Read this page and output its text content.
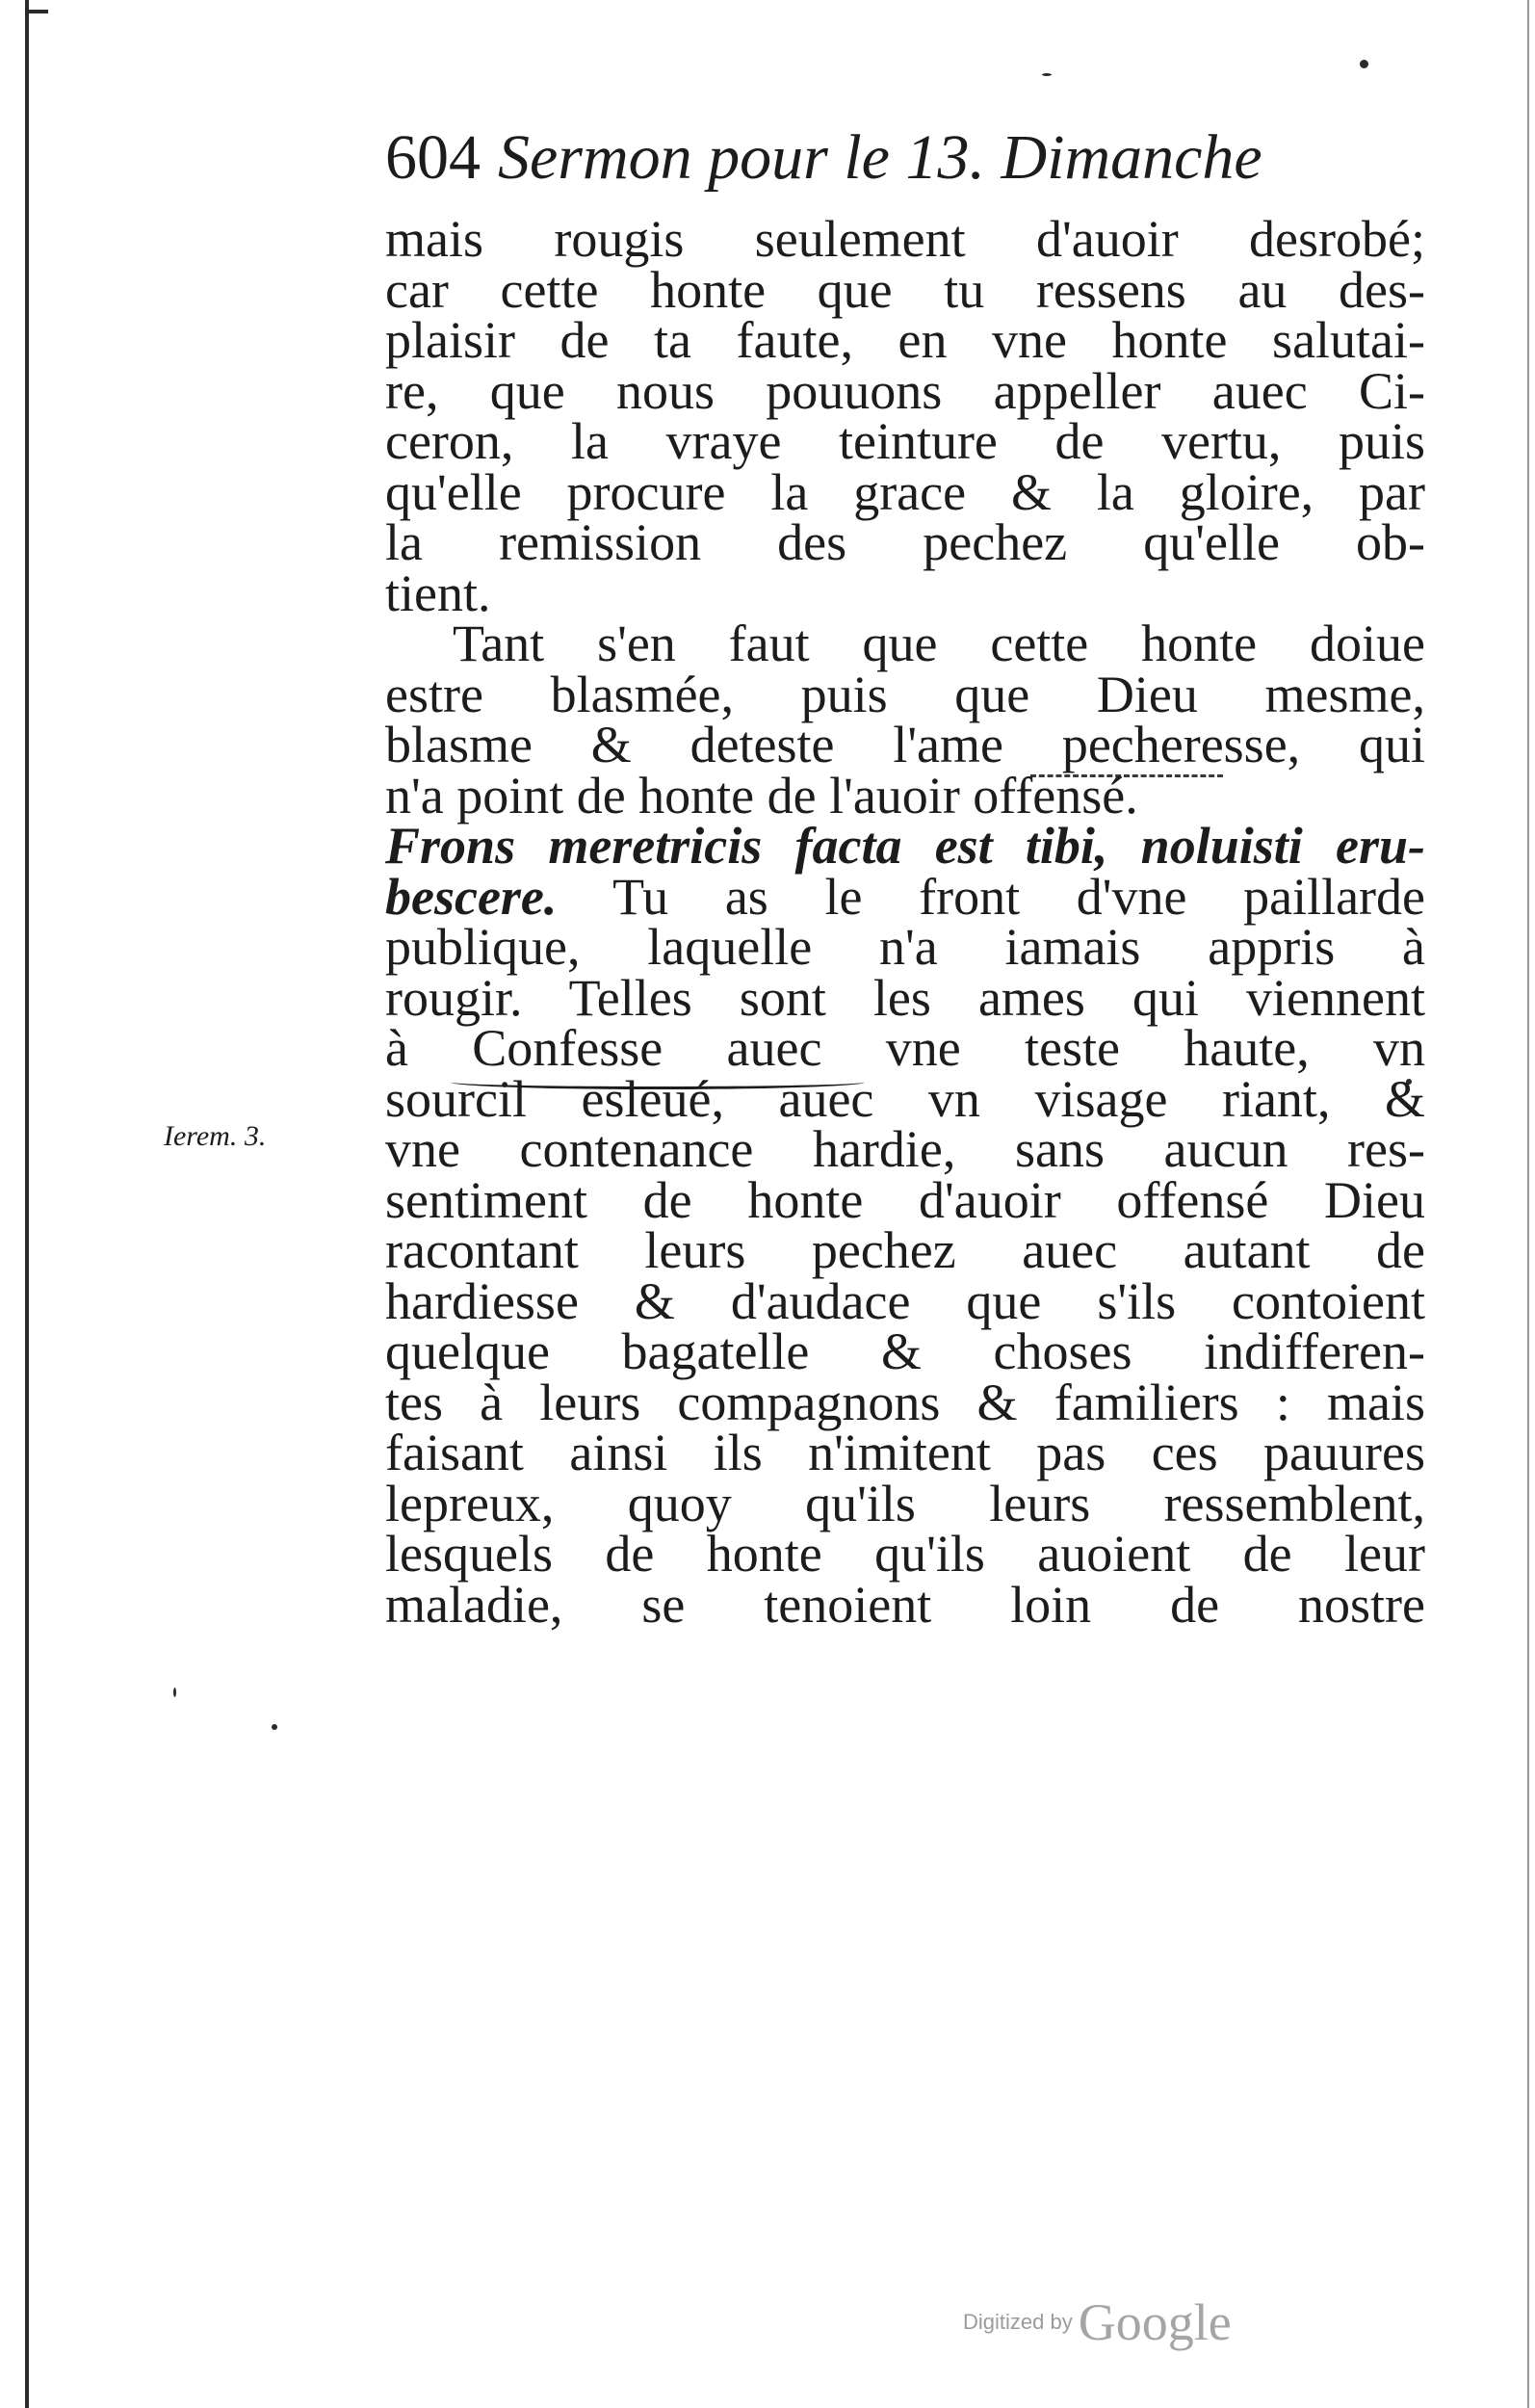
604 Sermon pour le 13. Dimanche
Ierem. 3.
mais rougis seulement d'auoir desrobé;
car cette honte que tu ressens au des-
plaisir de ta faute, en vne honte salutai-
re, que nous pouuons appeller auec Ci-
ceron, la vraye teinture de vertu, puis
qu'elle procure la grace & la gloire, par
la remission des pechez qu'elle ob-
tient.
Tant s'en faut que cette honte doiue
estre blasmée, puis que Dieu mesme,
blasme & deteste l'ame pecheresse, qui
n'a point de honte de l'auoir offensé.
Frons meretricis facta est tibi, noluisti eru-
bescere. Tu as le front d'vne paillarde
publique, laquelle n'a iamais appris à
rougir. Telles sont les ames qui viennent
à Confesse auec vne teste haute, vn
sourcil esleué, auec vn visage riant, &
vne contenance hardie, sans aucun res-
sentiment de honte d'auoir offensé Dieu
racontant leurs pechez auec autant de
hardiesse & d'audace que s'ils contoient
quelque bagatelle & choses indifferen-
tes à leurs compagnons & familiers : mais
faisant ainsi ils n'imitent pas ces pauures
lepreux, quoy qu'ils leurs ressemblent,
lesquels de honte qu'ils auoient de leur
maladie, se tenoient loin de nostre
Digitized by Google
